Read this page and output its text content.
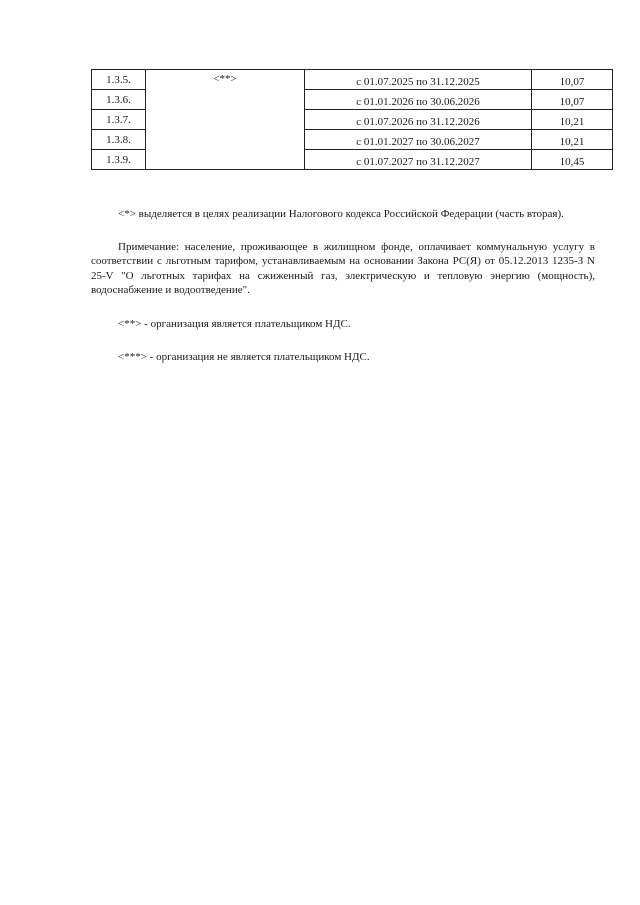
1.3.5.	<**>	с 01.07.2025 по 31.12.2025	10,07
1.3.6.		с 01.01.2026 по 30.06.2026	10,07
1.3.7.		с 01.07.2026 по 31.12.2026	10,21
1.3.8.		с 01.01.2027 по 30.06.2027	10,21
1.3.9.		с 01.07.2027 по 31.12.2027	10,45

<*> выделяется в целях реализации Налогового кодекса Российской Федерации (часть вторая).

Примечание: население, проживающее в жилищном фонде, оплачивает коммунальную услугу в соответствии с льготным тарифом, устанавливаемым на основании Закона РС(Я) от 05.12.2013 1235-З N 25-V "О льготных тарифах на сжиженный газ, электрическую и тепловую энергию (мощность), водоснабжение и водоотведение".

<**> - организация является плательщиком НДС.

<***> - организация не является плательщиком НДС.
